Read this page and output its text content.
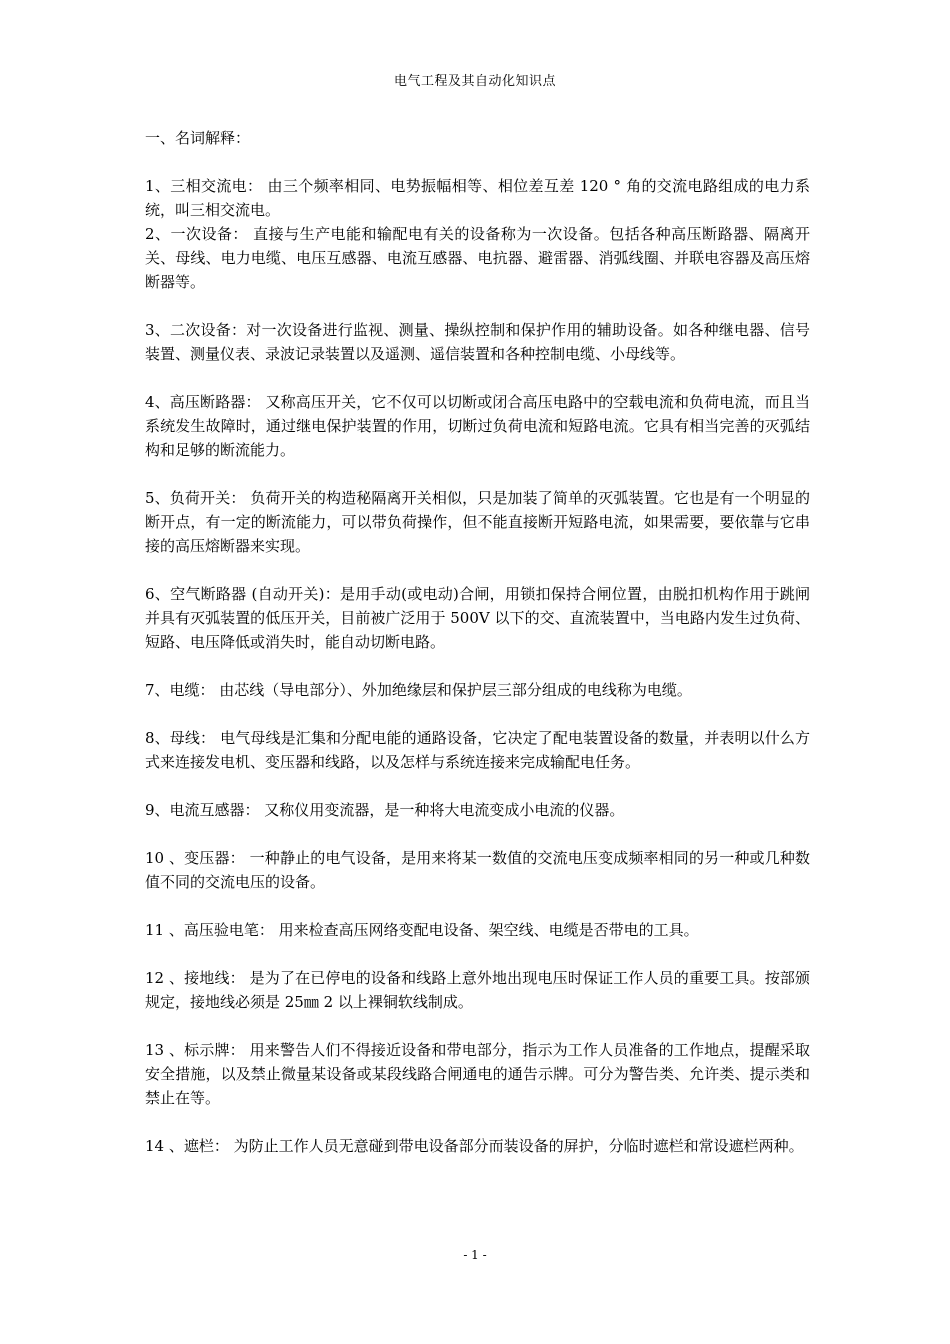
电气工程及其自动化知识点

一、名词解释：

1、三相交流电： 由三个频率相同、电势振幅相等、相位差互差 120 ° 角的交流电路组成的电力系统，叫三相交流电。

2、一次设备： 直接与生产电能和输配电有关的设备称为一次设备。包括各种高压断路器、隔离开关、母线、电力电缆、电压互感器、电流互感器、电抗器、避雷器、消弧线圈、并联电容器及高压熔断器等。

3、二次设备：对一次设备进行监视、测量、操纵控制和保护作用的辅助设备。如各种继电器、信号装置、测量仪表、录波记录装置以及遥测、遥信装置和各种控制电缆、小母线等。

4、高压断路器： 又称高压开关，它不仅可以切断或闭合高压电路中的空载电流和负荷电流，而且当系统发生故障时，通过继电保护装置的作用，切断过负荷电流和短路电流。它具有相当完善的灭弧结构和足够的断流能力。

5、负荷开关： 负荷开关的构造秘隔离开关相似，只是加装了简单的灭弧装置。它也是有一个明显的断开点，有一定的断流能力，可以带负荷操作，但不能直接断开短路电流，如果需要，要依靠与它串接的高压熔断器来实现。

6、空气断路器 (自动开关)：是用手动(或电动)合闸，用锁扣保持合闸位置，由脱扣机构作用于跳闸并具有灭弧装置的低压开关，目前被广泛用于 500V 以下的交、直流装置中，当电路内发生过负荷、短路、电压降低或消失时，能自动切断电路。

7、电缆： 由芯线（导电部分）、外加绝缘层和保护层三部分组成的电线称为电缆。

8、母线： 电气母线是汇集和分配电能的通路设备，它决定了配电装置设备的数量，并表明以什么方式来连接发电机、变压器和线路，以及怎样与系统连接来完成输配电任务。

9、电流互感器： 又称仪用变流器，是一种将大电流变成小电流的仪器。

10 、变压器： 一种静止的电气设备，是用来将某一数值的交流电压变成频率相同的另一种或几种数值不同的交流电压的设备。

11 、高压验电笔： 用来检查高压网络变配电设备、架空线、电缆是否带电的工具。

12 、接地线： 是为了在已停电的设备和线路上意外地出现电压时保证工作人员的重要工具。按部颁规定，接地线必须是 25㎜ 2 以上裸铜软线制成。

13 、标示牌： 用来警告人们不得接近设备和带电部分，指示为工作人员准备的工作地点，提醒采取安全措施，以及禁止微量某设备或某段线路合闸通电的通告示牌。可分为警告类、允许类、提示类和禁止在等。

14 、遮栏： 为防止工作人员无意碰到带电设备部分而装设备的屏护，分临时遮栏和常设遮栏两种。

- 1 -
